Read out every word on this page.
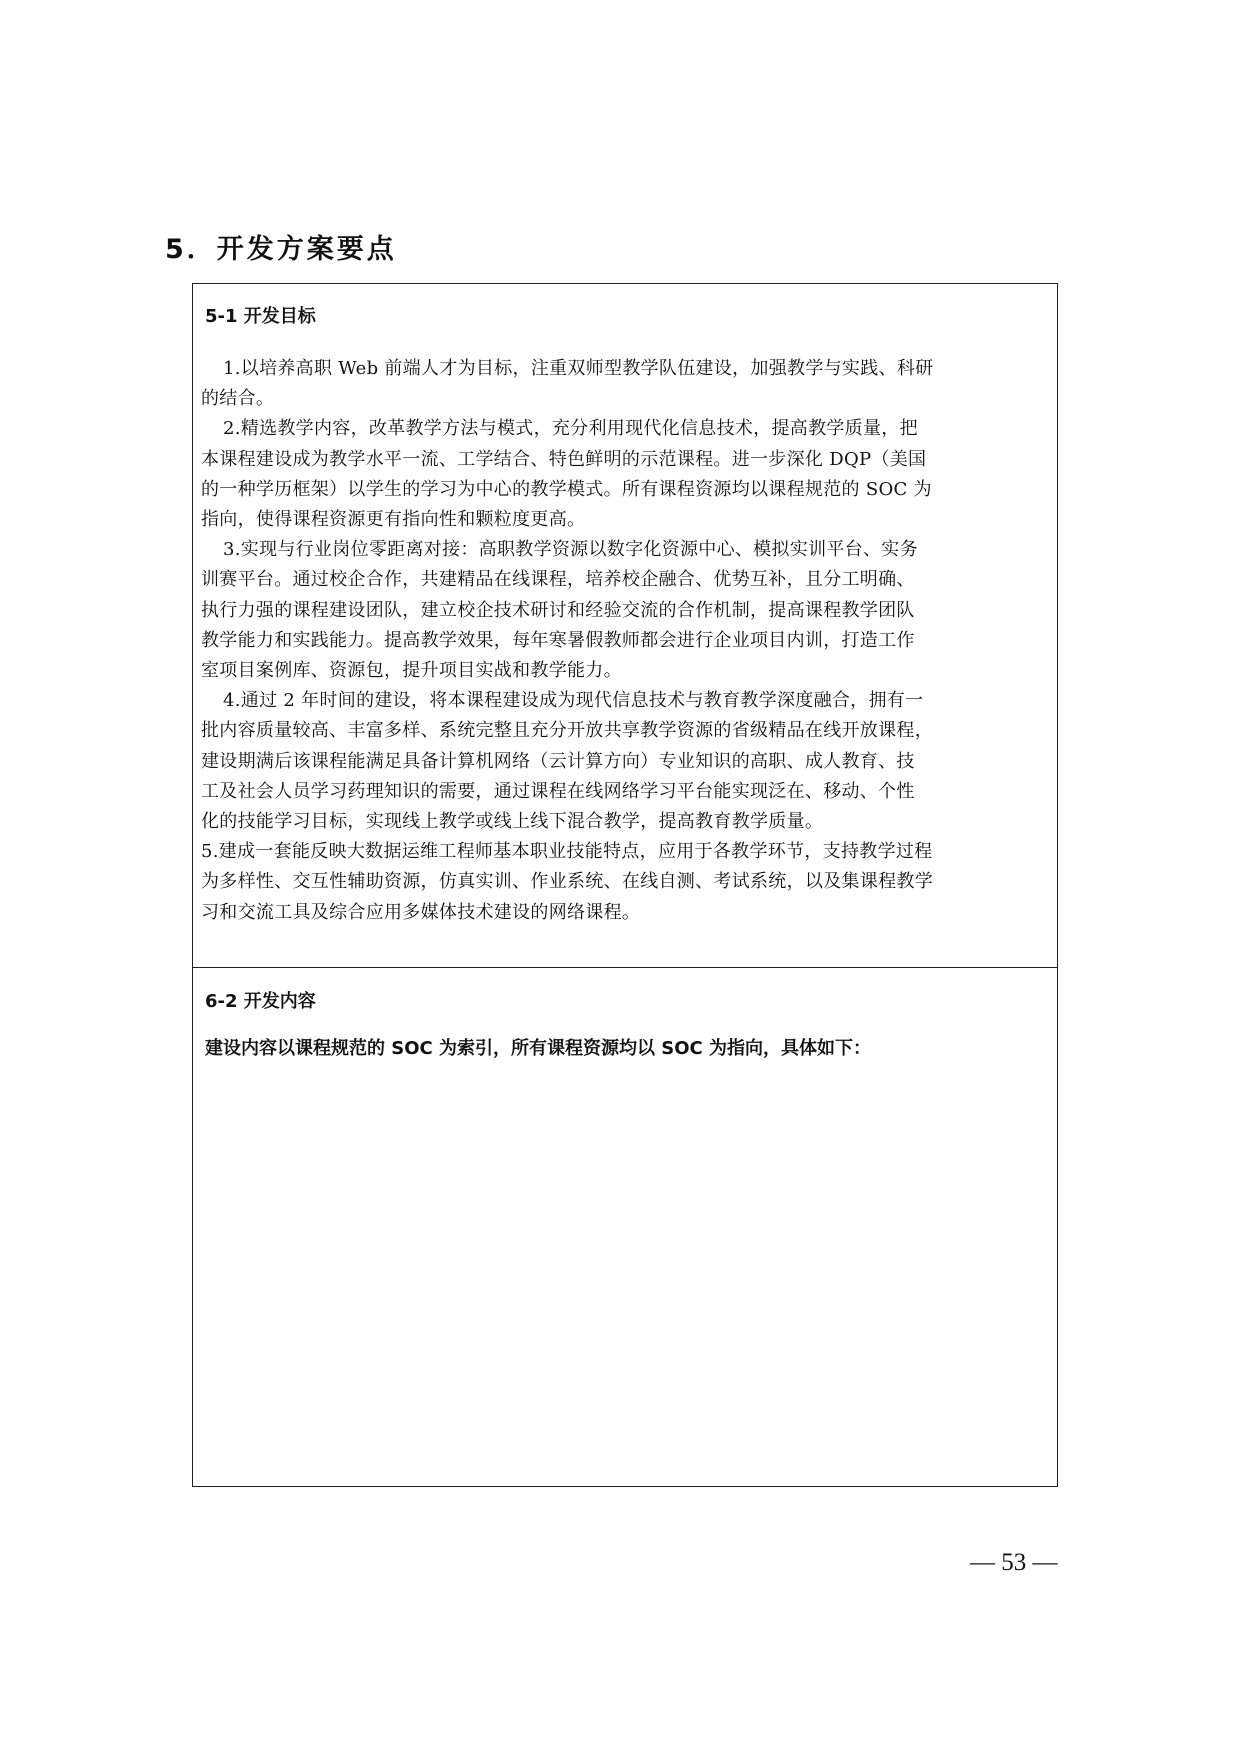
5．开发方案要点
5-1 开发目标
1.以培养高职 Web 前端人才为目标，注重双师型教学队伍建设，加强教学与实践、科研
的结合。
2.精选教学内容，改革教学方法与模式，充分利用现代化信息技术，提高教学质量，把
本课程建设成为教学水平一流、工学结合、特色鲜明的示范课程。进一步深化 DQP（美国
的一种学历框架）以学生的学习为中心的教学模式。所有课程资源均以课程规范的 SOC 为
指向，使得课程资源更有指向性和颗粒度更高。
3.实现与行业岗位零距离对接：高职教学资源以数字化资源中心、模拟实训平台、实务
训赛平台。通过校企合作，共建精品在线课程，培养校企融合、优势互补，且分工明确、
执行力强的课程建设团队，建立校企技术研讨和经验交流的合作机制，提高课程教学团队
教学能力和实践能力。提高教学效果，每年寒暑假教师都会进行企业项目内训，打造工作
室项目案例库、资源包，提升项目实战和教学能力。
4.通过 2 年时间的建设，将本课程建设成为现代信息技术与教育教学深度融合，拥有一
批内容质量较高、丰富多样、系统完整且充分开放共享教学资源的省级精品在线开放课程，
建设期满后该课程能满足具备计算机网络（云计算方向）专业知识的高职、成人教育、技
工及社会人员学习药理知识的需要，通过课程在线网络学习平台能实现泛在、移动、个性
化的技能学习目标，实现线上教学或线上线下混合教学，提高教育教学质量。
5.建成一套能反映大数据运维工程师基本职业技能特点，应用于各教学环节，支持教学过程
为多样性、交互性辅助资源，仿真实训、作业系统、在线自测、考试系统，以及集课程教学
习和交流工具及综合应用多媒体技术建设的网络课程。
6-2 开发内容
建设内容以课程规范的 SOC 为索引，所有课程资源均以 SOC 为指向，具体如下：
— 53 —
